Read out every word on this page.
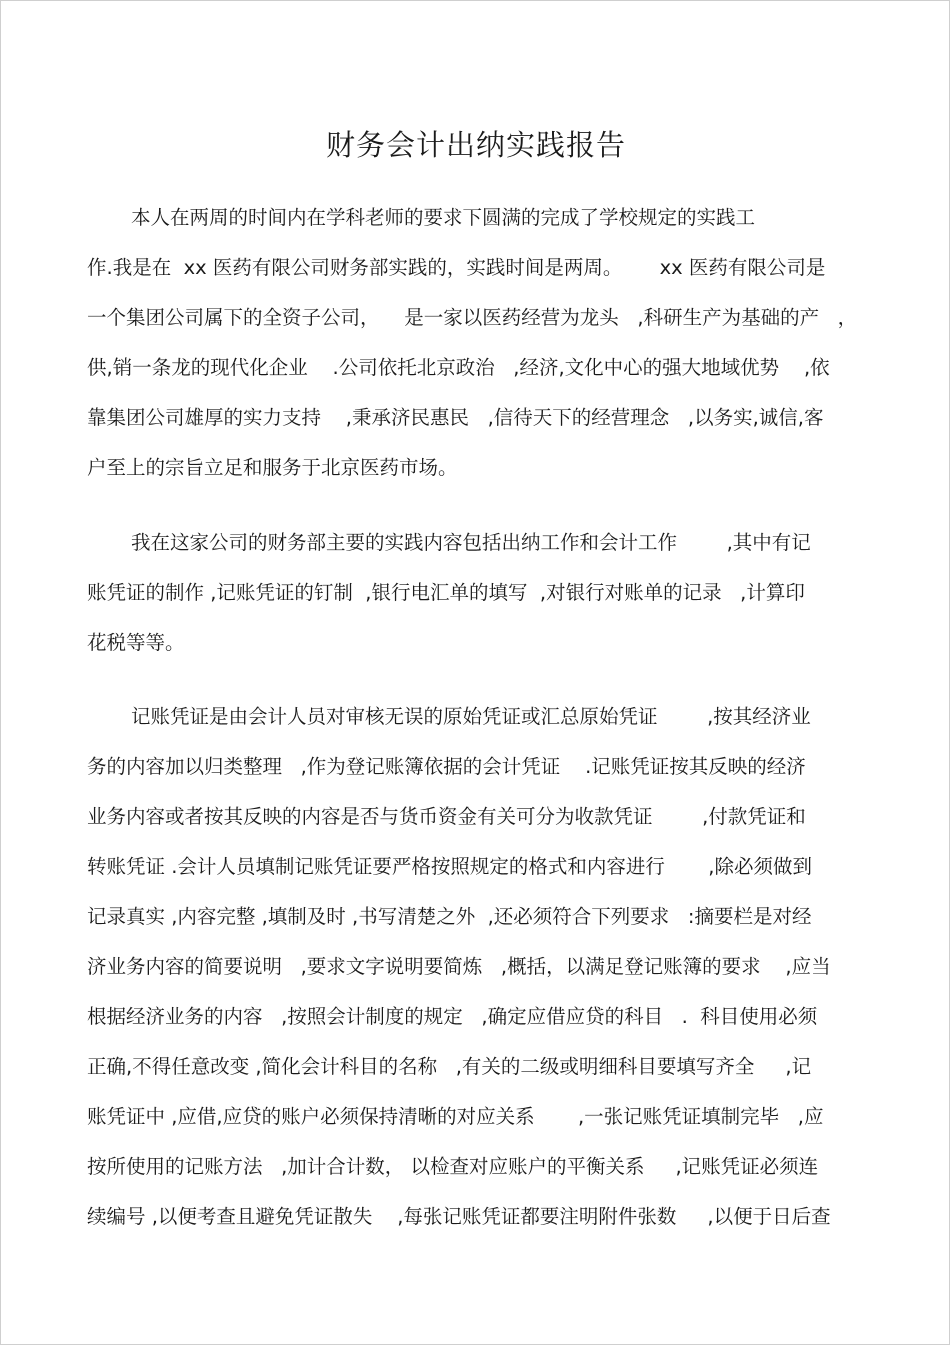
财务会计出纳实践报告
本人在两周的时间内在学科老师的要求下圆满的完成了学校规定的实践工
作.我是在  xx 医药有限公司财务部实践的，实践时间是两周。      xx 医药有限公司是
一个集团公司属下的全资子公司，    是一家以医药经营为龙头   ,科研生产为基础的产   ，
供,销一条龙的现代化企业    .公司依托北京政治   ,经济,文化中心的强大地域优势    ,依
靠集团公司雄厚的实力支持    ,秉承济民惠民   ,信待天下的经营理念   ,以务实,诚信,客
户至上的宗旨立足和服务于北京医药市场。
我在这家公司的财务部主要的实践内容包括出纳工作和会计工作        ,其中有记
账凭证的制作 ,记账凭证的钉制  ,银行电汇单的填写  ,对银行对账单的记录   ,计算印
花税等等。
记账凭证是由会计人员对审核无误的原始凭证或汇总原始凭证        ,按其经济业
务的内容加以归类整理   ,作为登记账簿依据的会计凭证    .记账凭证按其反映的经济
业务内容或者按其反映的内容是否与货币资金有关可分为收款凭证        ,付款凭证和
转账凭证 .会计人员填制记账凭证要严格按照规定的格式和内容进行       ,除必须做到
记录真实 ,内容完整 ,填制及时 ,书写清楚之外  ,还必须符合下列要求   :摘要栏是对经
济业务内容的简要说明   ,要求文字说明要简炼   ,概括，以满足登记账簿的要求    ,应当
根据经济业务的内容   ,按照会计制度的规定   ,确定应借应贷的科目   .  科目使用必须
正确,不得任意改变 ,简化会计科目的名称   ,有关的二级或明细科目要填写齐全     ,记
账凭证中 ,应借,应贷的账户必须保持清晰的对应关系       ,一张记账凭证填制完毕   ,应
按所使用的记账方法   ,加计合计数， 以检查对应账户的平衡关系     ,记账凭证必须连
续编号 ,以便考查且避免凭证散失    ,每张记账凭证都要注明附件张数     ,以便于日后查
